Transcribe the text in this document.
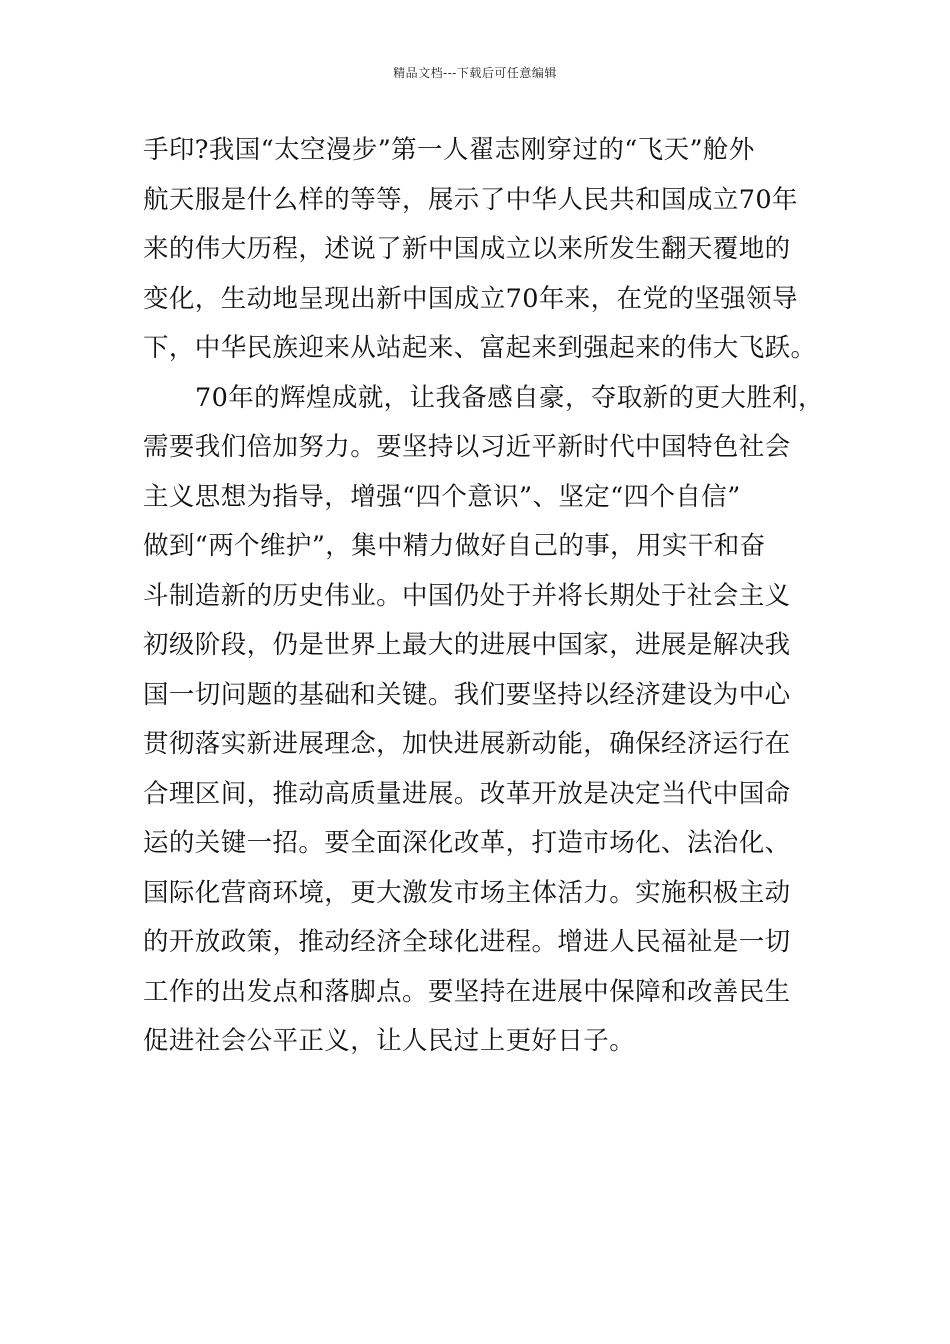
精品文档---下载后可任意编辑
手印?我国“太空漫步”第一人翟志刚穿过的“飞天”舱外
航天服是什么样的等等，展示了中华人民共和国成立70年
来的伟大历程，述说了新中国成立以来所发生翻天覆地的
变化，生动地呈现出新中国成立70年来，在党的坚强领导
下，中华民族迎来从站起来、富起来到强起来的伟大飞跃。
70年的辉煌成就，让我备感自豪，夺取新的更大胜利，
需要我们倍加努力。要坚持以习近平新时代中国特色社会
主义思想为指导，增强“四个意识”、坚定“四个自信”
做到“两个维护”，集中精力做好自己的事，用实干和奋
斗制造新的历史伟业。中国仍处于并将长期处于社会主义
初级阶段，仍是世界上最大的进展中国家，进展是解决我
国一切问题的基础和关键。我们要坚持以经济建设为中心
贯彻落实新进展理念，加快进展新动能，确保经济运行在
合理区间，推动高质量进展。改革开放是决定当代中国命
运的关键一招。要全面深化改革，打造市场化、法治化、
国际化营商环境，更大激发市场主体活力。实施积极主动
的开放政策，推动经济全球化进程。增进人民福祉是一切
工作的出发点和落脚点。要坚持在进展中保障和改善民生
促进社会公平正义，让人民过上更好日子。
